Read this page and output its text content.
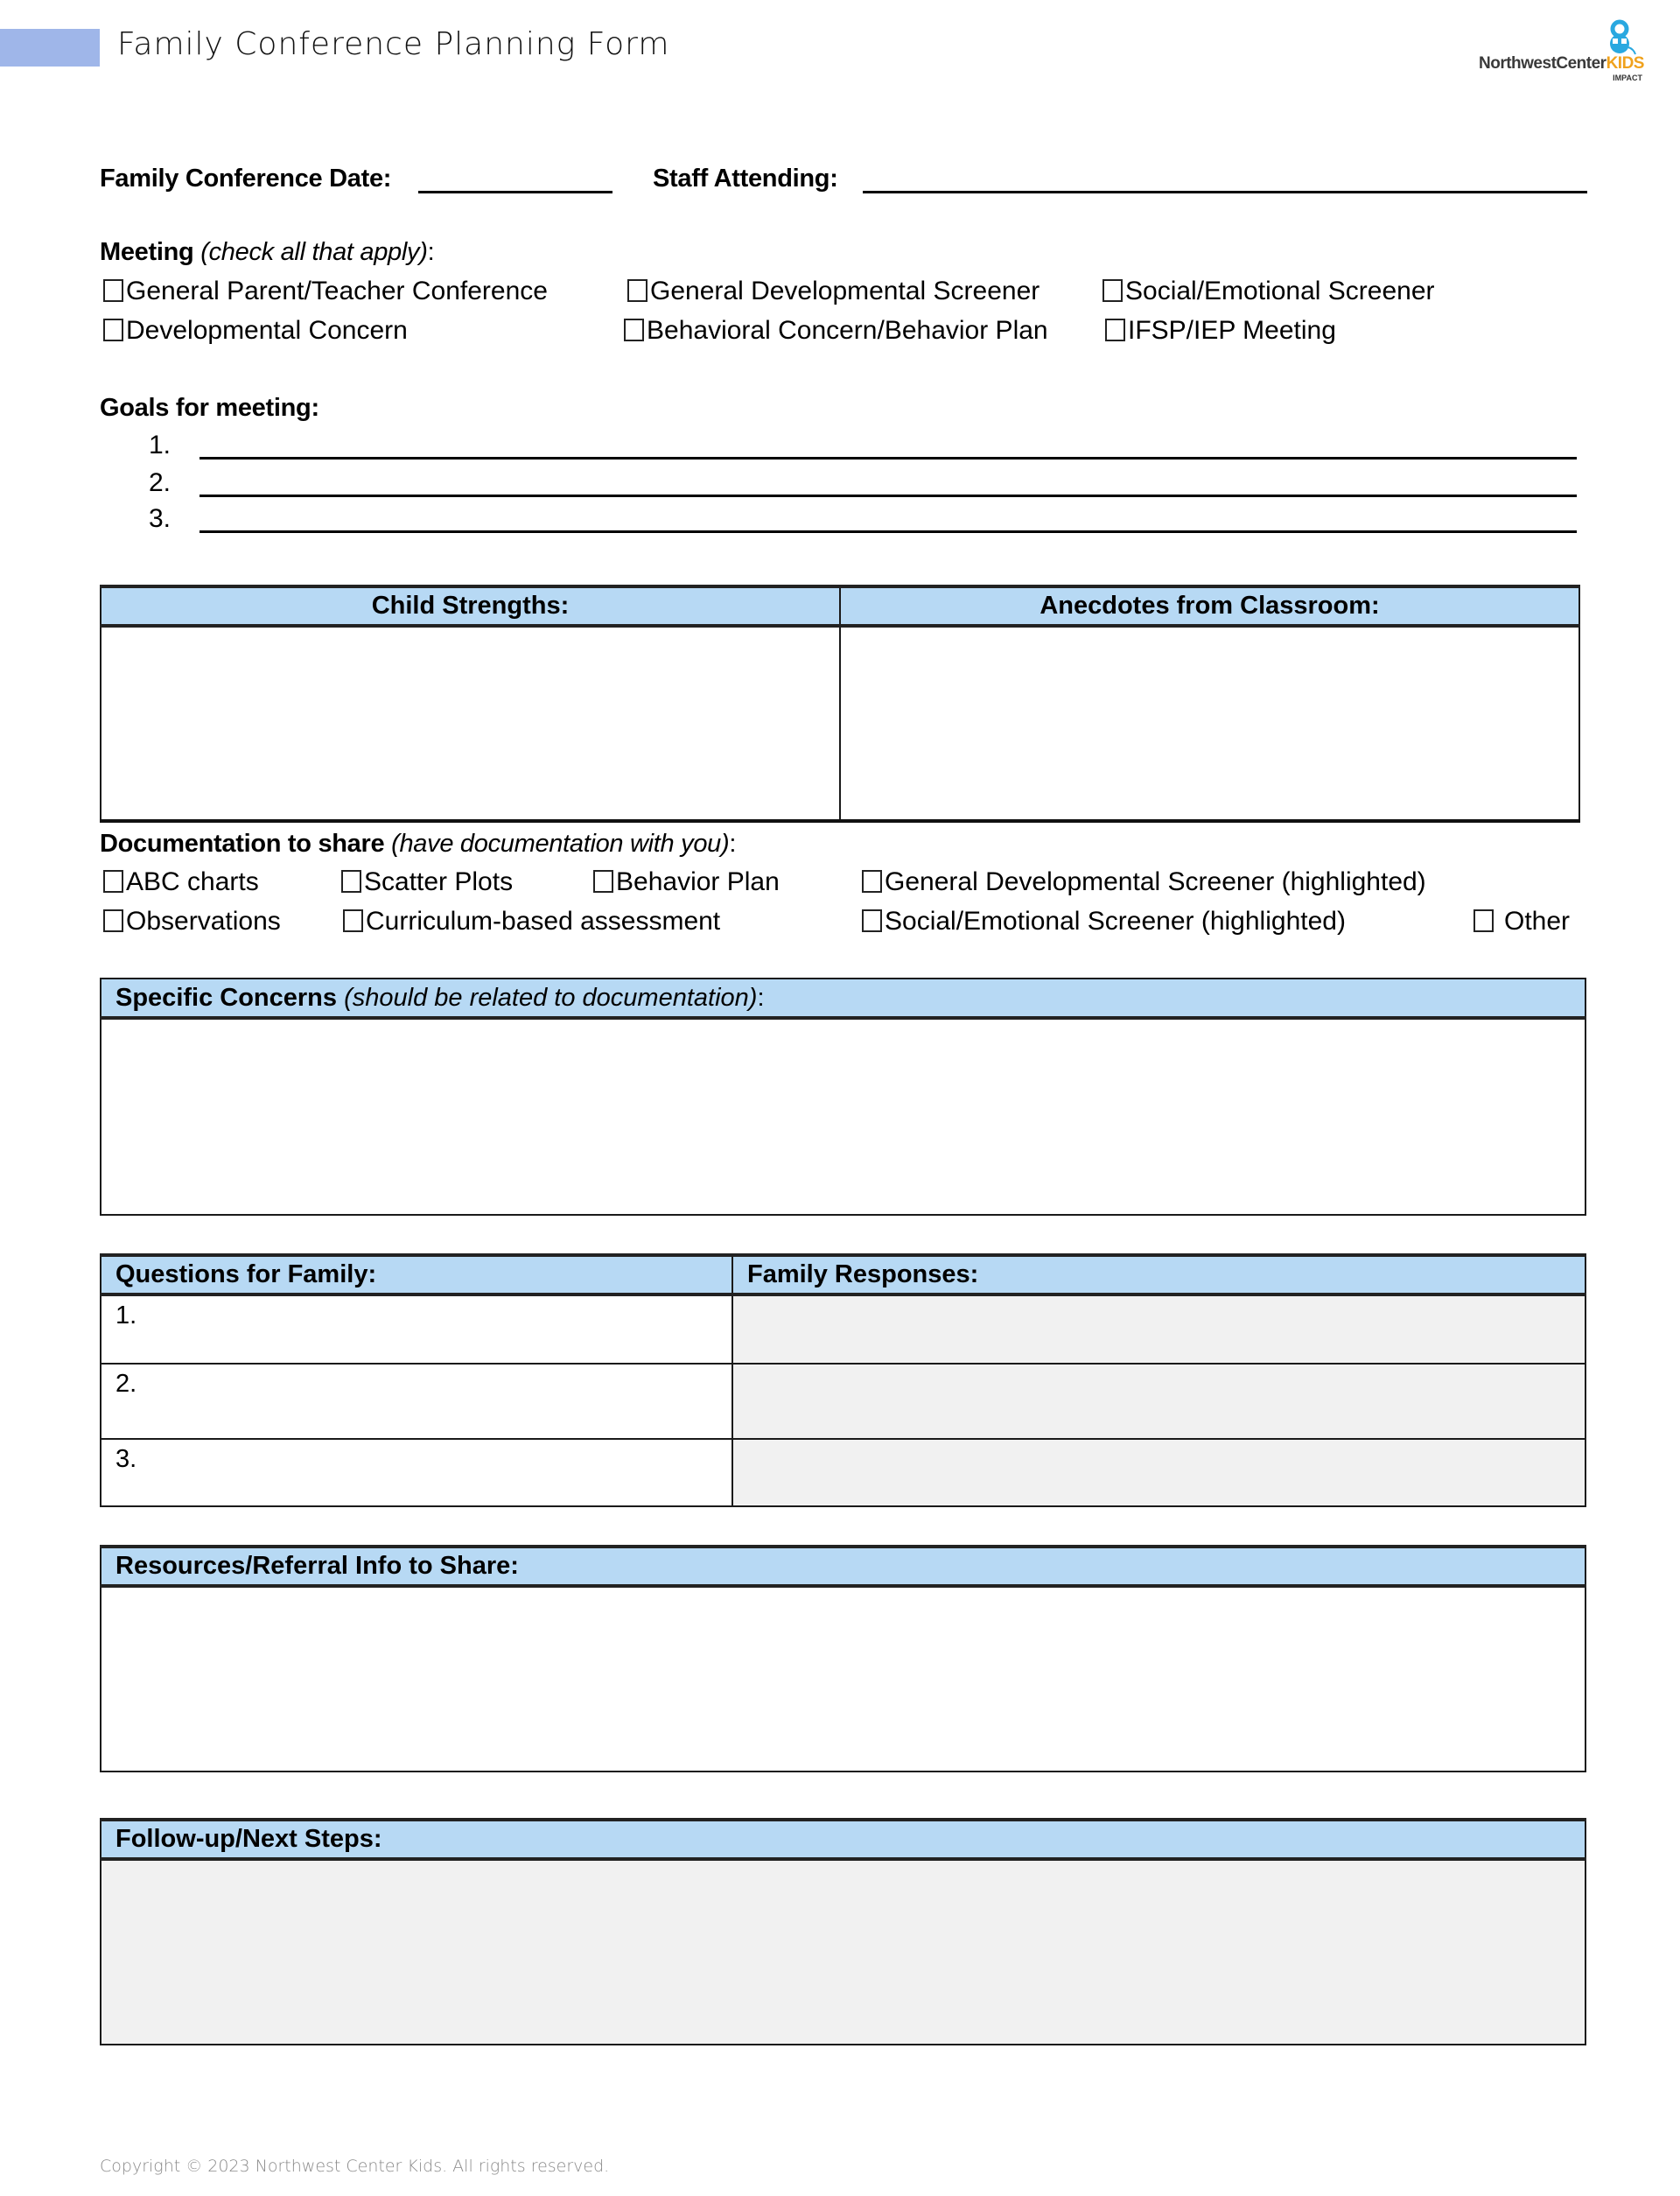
Family Conference Planning Form
NorthwestCenterKIDS
IMPACT
Family Conference Date:	Staff Attending:
Meeting (check all that apply):
General Parent/Teacher Conference	General Developmental Screener	Social/Emotional Screener
Developmental Concern	Behavioral Concern/Behavior Plan	IFSP/IEP Meeting
Goals for meeting:
1.
2.
3.
Child Strengths:	Anecdotes from Classroom:

Documentation to share (have documentation with you):
ABC charts	Scatter Plots	Behavior Plan	General Developmental Screener (highlighted)
Observations	Curriculum-based assessment	Social/Emotional Screener (highlighted)	Other
Specific Concerns (should be related to documentation):

Questions for Family:	Family Responses:
1.	
2.	
3.	
Resources/Referral Info to Share:

Follow-up/Next Steps:

Copyright © 2023 Northwest Center Kids. All rights reserved.
